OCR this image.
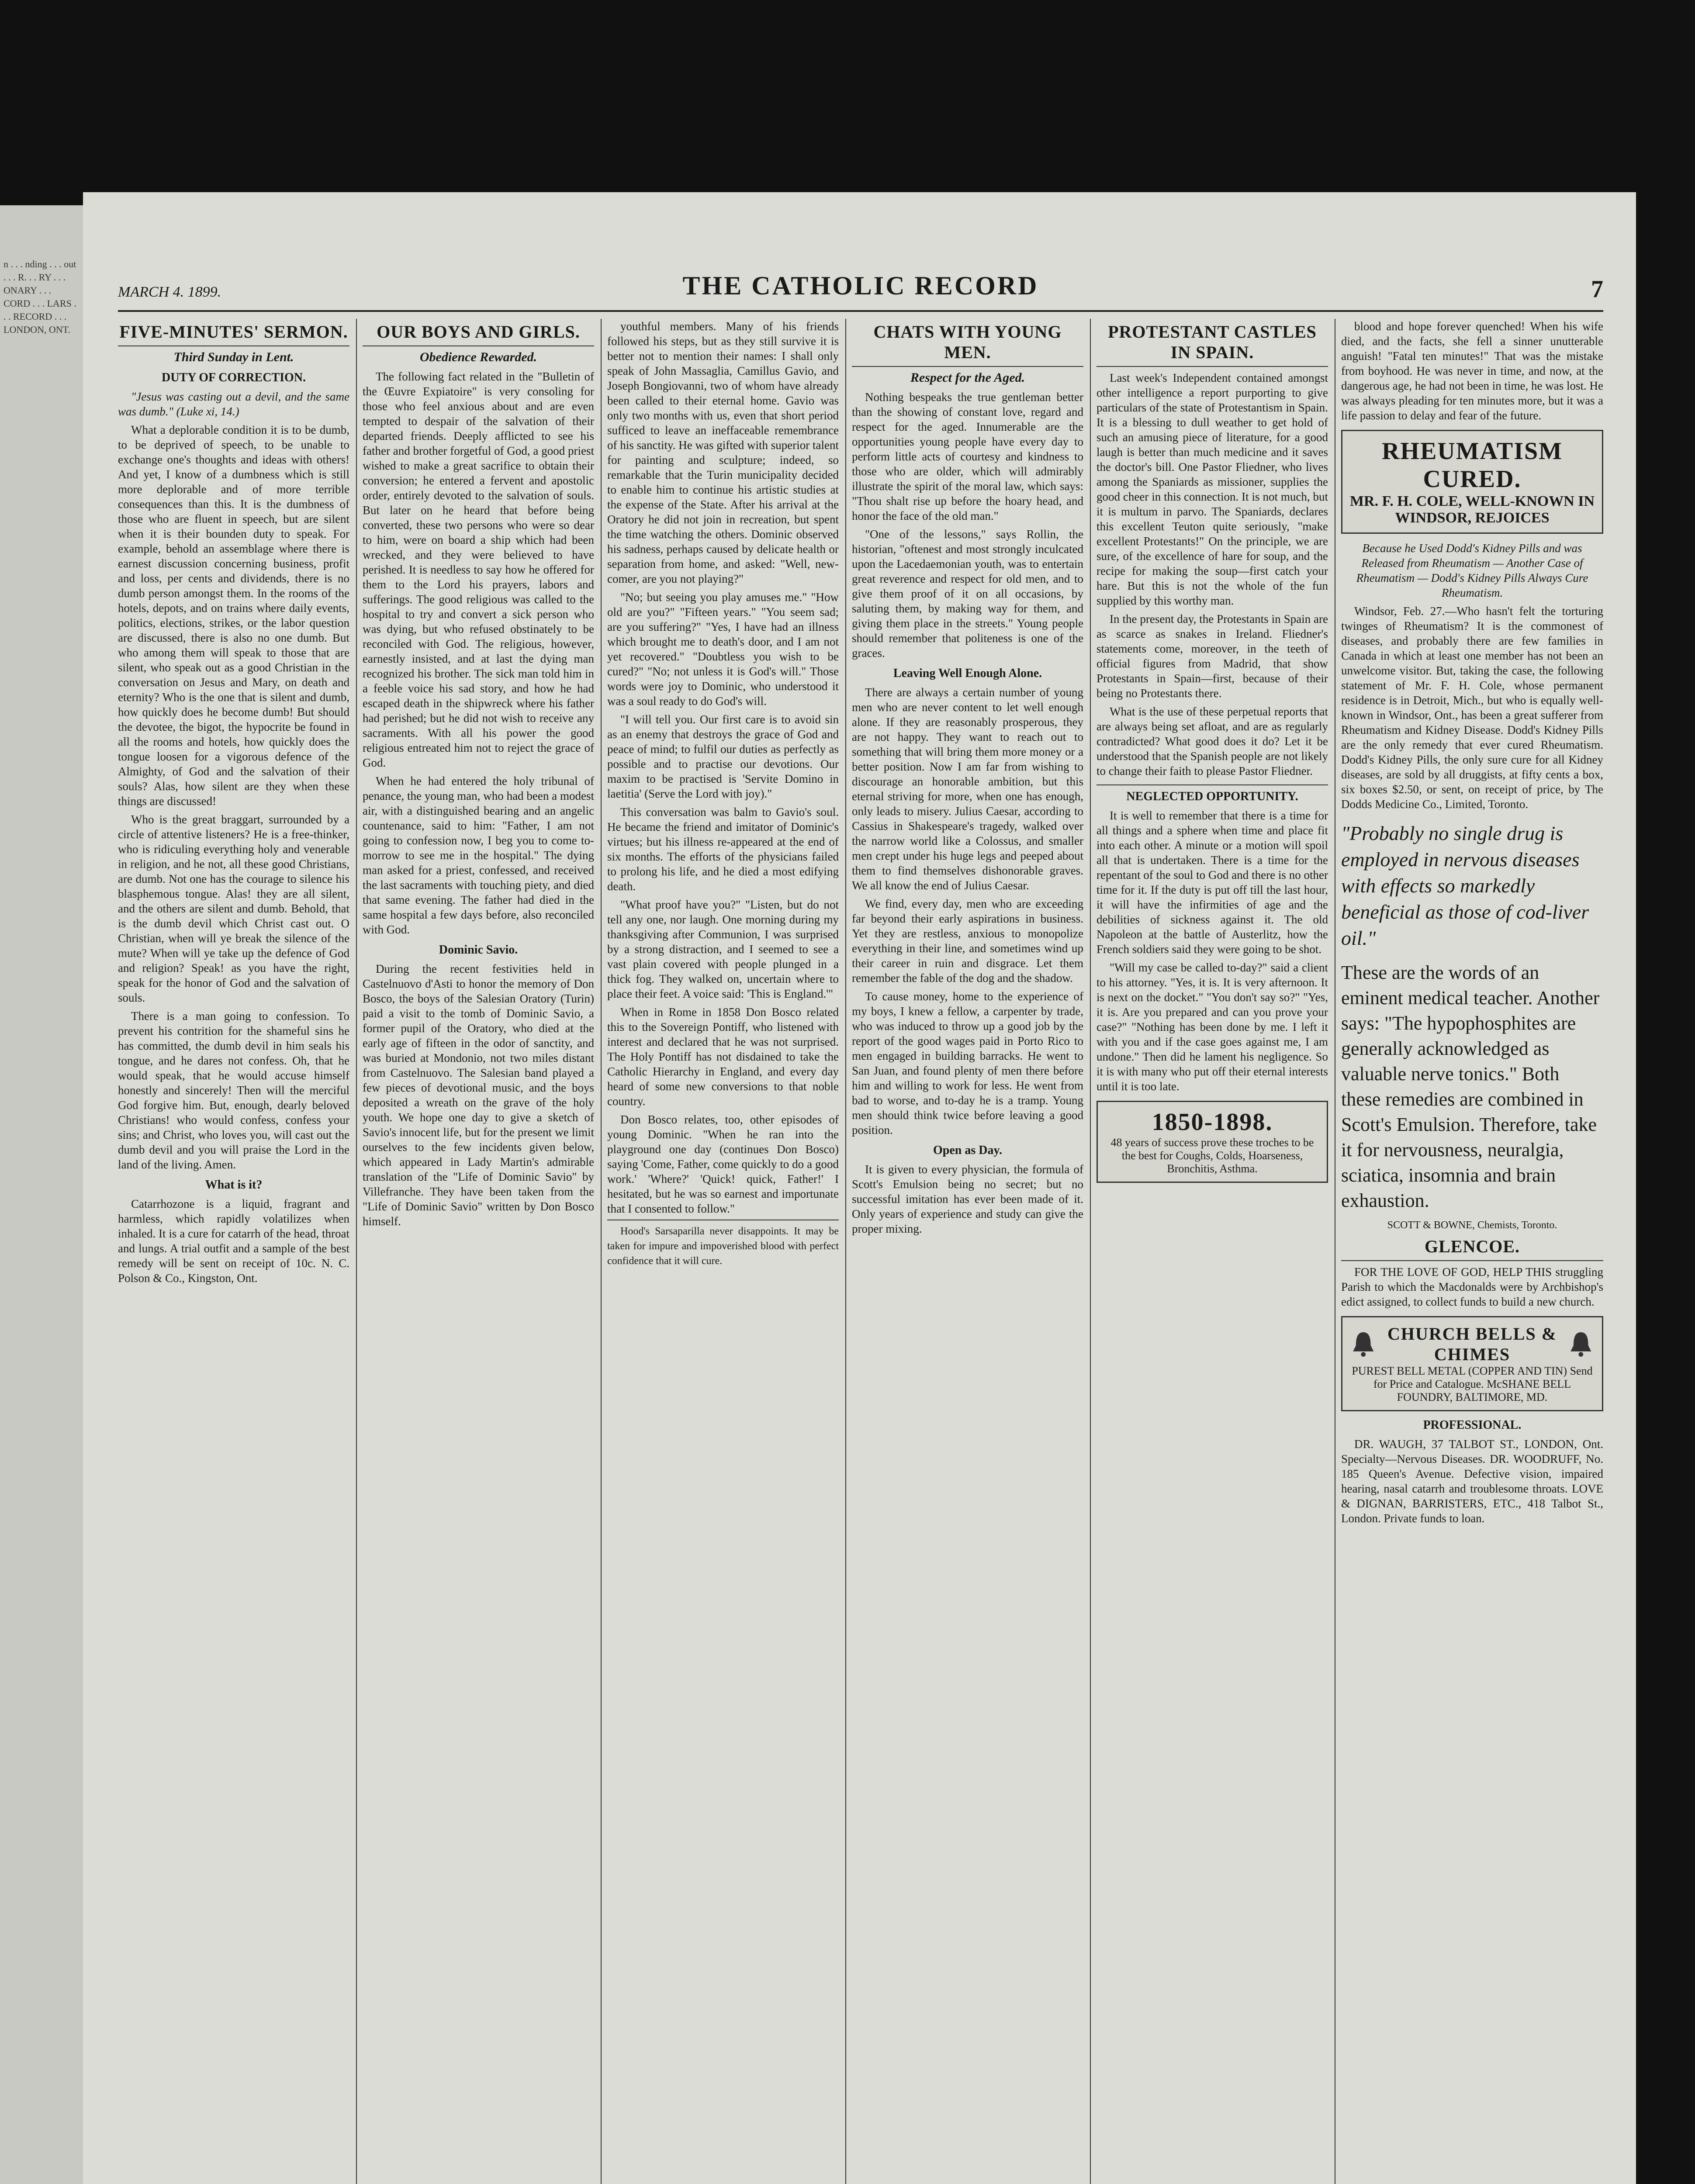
n . . . nding . . . out . . . R. . . RY . . . ONARY . . . CORD . . . LARS . . . RECORD . . . LONDON, ONT.
MARCH 4. 1899.	THE CATHOLIC RECORD	7
FIVE-MINUTES' SERMON.
Third Sunday in Lent.
DUTY OF CORRECTION.

"Jesus was casting out a devil, and the same was dumb." (Luke xi, 14.)

What a deplorable condition it is to be dumb, to be deprived of speech, to be unable to exchange one's thoughts and ideas with others! And yet, I know of a dumbness which is still more deplorable and of more terrible consequences than this. It is the dumbness of those who are fluent in speech, but are silent when it is their bounden duty to speak. For example, behold an assemblage where there is earnest discussion concerning business, profit and loss, per cents and dividends, there is no dumb person amongst them. In the rooms of the hotels, depots, and on trains where daily events, politics, elections, strikes, or the labor question are discussed, there is also no one dumb. But who among them will speak to those that are silent, who speak out as a good Christian in the conversation on Jesus and Mary, on death and eternity? Who is the one that is silent and dumb, how quickly does he become dumb! But should the devotee, the bigot, the hypocrite be found in all the rooms and hotels, how quickly does the tongue loosen for a vigorous defence of the Almighty, of God and the salvation of their souls? Alas, how silent are they when these things are discussed!

Who is the great braggart, surrounded by a circle of attentive listeners? He is a free-thinker, who is ridiculing everything holy and venerable in religion, and he not, all these good Christians, are dumb. Not one has the courage to silence his blasphemous tongue. Alas! they are all silent, and the others are silent and dumb. Behold, that is the dumb devil which Christ cast out. O Christian, when will ye break the silence of the mute? When will ye take up the defence of God and religion? Speak! as you have the right, speak for the honor of God and the salvation of souls.

There is a man going to confession. To prevent his contrition for the shameful sins he has committed, the dumb devil in him seals his tongue, and he dares not confess. Oh, that he would speak, that he would accuse himself honestly and sincerely! Then will the merciful God forgive him. But, enough, dearly beloved Christians! who would confess, confess your sins; and Christ, who loves you, will cast out the dumb devil and you will praise the Lord in the land of the living. Amen.

What is it?

Catarrhozone is a liquid, fragrant and harmless, which rapidly volatilizes when inhaled. It is a cure for catarrh of the head, throat and lungs. A trial outfit and a sample of the best remedy will be sent on receipt of 10c. N. C. Polson & Co., Kingston, Ont.

OUR BOYS AND GIRLS.
Obedience Rewarded.

The following fact related in the "Bulletin of the Œuvre Expiatoire" is very consoling for those who feel anxious about and are even tempted to despair of the salvation of their departed friends. Deeply afflicted to see his father and brother forgetful of God, a good priest wished to make a great sacrifice to obtain their conversion; he entered a fervent and apostolic order, entirely devoted to the salvation of souls. But later on he heard that before being converted, these two persons who were so dear to him, were on board a ship which had been wrecked, and they were believed to have perished. It is needless to say how he offered for them to the Lord his prayers, labors and sufferings. The good religious was called to the hospital to try and convert a sick person who was dying, but who refused obstinately to be reconciled with God. The religious, however, earnestly insisted, and at last the dying man recognized his brother. The sick man told him in a feeble voice his sad story, and how he had escaped death in the shipwreck where his father had perished; but he did not wish to receive any sacraments. With all his power the good religious entreated him not to reject the grace of God.

When he had entered the holy tribunal of penance, the young man, who had been a modest air, with a distinguished bearing and an angelic countenance, said to him: "Father, I am not going to confession now, I beg you to come to-morrow to see me in the hospital." The dying man asked for a priest, confessed, and received the last sacraments with touching piety, and died that same evening. The father had died in the same hospital a few days before, also reconciled with God.

Dominic Savio.

During the recent festivities held in Castelnuovo d'Asti to honor the memory of Don Bosco, the boys of the Salesian Oratory (Turin) paid a visit to the tomb of Dominic Savio, a former pupil of the Oratory, who died at the early age of fifteen in the odor of sanctity, and was buried at Mondonio, not two miles distant from Castelnuovo. The Salesian band played a few pieces of devotional music, and the boys deposited a wreath on the grave of the holy youth. We hope one day to give a sketch of Savio's innocent life, but for the present we limit ourselves to the few incidents given below, which appeared in Lady Martin's admirable translation of the "Life of Dominic Savio" by Villefranche. They have been taken from the "Life of Dominic Savio" written by Don Bosco himself.

youthful members. Many of his friends followed his steps, but as they still survive it is better not to mention their names: I shall only speak of John Massaglia, Camillus Gavio, and Joseph Bongiovanni, two of whom have already been called to their eternal home. Gavio was only two months with us, even that short period sufficed to leave an ineffaceable remembrance of his sanctity. He was gifted with superior talent for painting and sculpture; indeed, so remarkable that the Turin municipality decided to enable him to continue his artistic studies at the expense of the State. After his arrival at the Oratory he did not join in recreation, but spent the time watching the others. Dominic observed his sadness, perhaps caused by delicate health or separation from home, and asked: "Well, new-comer, are you not playing?"

"No; but seeing you play amuses me." "How old are you?" "Fifteen years." "You seem sad; are you suffering?" "Yes, I have had an illness which brought me to death's door, and I am not yet recovered." "Doubtless you wish to be cured?" "No; not unless it is God's will." Those words were joy to Dominic, who understood it was a soul ready to do God's will.

"I will tell you. Our first care is to avoid sin as an enemy that destroys the grace of God and peace of mind; to fulfil our duties as perfectly as possible and to practise our devotions. Our maxim to be practised is 'Servite Domino in laetitia' (Serve the Lord with joy)."

This conversation was balm to Gavio's soul. He became the friend and imitator of Dominic's virtues; but his illness re-appeared at the end of six months. The efforts of the physicians failed to prolong his life, and he died a most edifying death.

"What proof have you?" "Listen, but do not tell any one, nor laugh. One morning during my thanksgiving after Communion, I was surprised by a strong distraction, and I seemed to see a vast plain covered with people plunged in a thick fog. They walked on, uncertain where to place their feet. A voice said: 'This is England.'"

When in Rome in 1858 Don Bosco related this to the Sovereign Pontiff, who listened with interest and declared that he was not surprised. The Holy Pontiff has not disdained to take the Catholic Hierarchy in England, and every day heard of some new conversions to that noble country.

Don Bosco relates, too, other episodes of young Dominic. "When he ran into the playground one day (continues Don Bosco) saying 'Come, Father, come quickly to do a good work.' 'Where?' 'Quick! quick, Father!' I hesitated, but he was so earnest and importunate that I consented to follow."

Hood's Sarsaparilla never disappoints. It may be taken for impure and impoverished blood with perfect confidence that it will cure.

CHATS WITH YOUNG MEN.
Respect for the Aged.

Nothing bespeaks the true gentleman better than the showing of constant love, regard and respect for the aged. Innumerable are the opportunities young people have every day to perform little acts of courtesy and kindness to those who are older, which will admirably illustrate the spirit of the moral law, which says: "Thou shalt rise up before the hoary head, and honor the face of the old man."

"One of the lessons," says Rollin, the historian, "oftenest and most strongly inculcated upon the Lacedaemonian youth, was to entertain great reverence and respect for old men, and to give them proof of it on all occasions, by saluting them, by making way for them, and giving them place in the streets." Young people should remember that politeness is one of the graces.

Leaving Well Enough Alone.

There are always a certain number of young men who are never content to let well enough alone. If they are reasonably prosperous, they are not happy. They want to reach out to something that will bring them more money or a better position. Now I am far from wishing to discourage an honorable ambition, but this eternal striving for more, when one has enough, only leads to misery. Julius Caesar, according to Cassius in Shakespeare's tragedy, walked over the narrow world like a Colossus, and smaller men crept under his huge legs and peeped about them to find themselves dishonorable graves. We all know the end of Julius Caesar.

We find, every day, men who are exceeding far beyond their early aspirations in business. Yet they are restless, anxious to monopolize everything in their line, and sometimes wind up their career in ruin and disgrace. Let them remember the fable of the dog and the shadow.

To cause money, home to the experience of my boys, I knew a fellow, a carpenter by trade, who was induced to throw up a good job by the report of the good wages paid in Porto Rico to men engaged in building barracks. He went to San Juan, and found plenty of men there before him and willing to work for less. He went from bad to worse, and to-day he is a tramp. Young men should think twice before leaving a good position.

Open as Day.

It is given to every physician, the formula of Scott's Emulsion being no secret; but no successful imitation has ever been made of it. Only years of experience and study can give the proper mixing.

PROTESTANT CASTLES IN SPAIN.

Last week's Independent contained amongst other intelligence a report purporting to give particulars of the state of Protestantism in Spain. It is a blessing to dull weather to get hold of such an amusing piece of literature, for a good laugh is better than much medicine and it saves the doctor's bill. One Pastor Fliedner, who lives among the Spaniards as missioner, supplies the good cheer in this connection. It is not much, but it is multum in parvo. The Spaniards, declares this excellent Teuton quite seriously, "make excellent Protestants!" On the principle, we are sure, of the excellence of hare for soup, and the recipe for making the soup—first catch your hare. But this is not the whole of the fun supplied by this worthy man.

In the present day, the Protestants in Spain are as scarce as snakes in Ireland. Fliedner's statements come, moreover, in the teeth of official figures from Madrid, that show Protestants in Spain—first, because of their being no Protestants there.

What is the use of these perpetual reports that are always being set afloat, and are as regularly contradicted? What good does it do? Let it be understood that the Spanish people are not likely to change their faith to please Pastor Fliedner.

NEGLECTED OPPORTUNITY.

It is well to remember that there is a time for all things and a sphere when time and place fit into each other. A minute or a motion will spoil all that is undertaken. There is a time for the repentant of the soul to God and there is no other time for it. If the duty is put off till the last hour, it will have the infirmities of age and the debilities of sickness against it. The old Napoleon at the battle of Austerlitz, how the French soldiers said they were going to be shot.

"Will my case be called to-day?" said a client to his attorney. "Yes, it is. It is very afternoon. It is next on the docket." "You don't say so?" "Yes, it is. Are you prepared and can you prove your case?" "Nothing has been done by me. I left it with you and if the case goes against me, I am undone." Then did he lament his negligence. So it is with many who put off their eternal interests until it is too late.

1850-1898.
48 years of success prove these troches to be the best for Coughs, Colds, Hoarseness, Bronchitis, Asthma.

blood and hope forever quenched! When his wife died, and the facts, she fell a sinner unutterable anguish! "Fatal ten minutes!" That was the mistake from boyhood. He was never in time, and now, at the dangerous age, he had not been in time, he was lost. He was always pleading for ten minutes more, but it was a life passion to delay and fear of the future.

RHEUMATISM CURED.
MR. F. H. COLE, WELL-KNOWN IN WINDSOR, REJOICES

Because he Used Dodd's Kidney Pills and was Released from Rheumatism — Another Case of Rheumatism — Dodd's Kidney Pills Always Cure Rheumatism.

Windsor, Feb. 27.—Who hasn't felt the torturing twinges of Rheumatism? It is the commonest of diseases, and probably there are few families in Canada in which at least one member has not been an unwelcome visitor. But, taking the case, the following statement of Mr. F. H. Cole, whose permanent residence is in Detroit, Mich., but who is equally well-known in Windsor, Ont., has been a great sufferer from Rheumatism and Kidney Disease. Dodd's Kidney Pills are the only remedy that ever cured Rheumatism. Dodd's Kidney Pills, the only sure cure for all Kidney diseases, are sold by all druggists, at fifty cents a box, six boxes $2.50, or sent, on receipt of price, by The Dodds Medicine Co., Limited, Toronto.

"Probably no single drug is employed in nervous diseases with effects so markedly beneficial as those of cod-liver oil."
These are the words of an eminent medical teacher. Another says: "The hypophosphites are generally acknowledged as valuable nerve tonics." Both these remedies are combined in Scott's Emulsion. Therefore, take it for nervousness, neuralgia, sciatica, insomnia and brain exhaustion.

SCOTT & BOWNE, Chemists, Toronto.

GLENCOE.

FOR THE LOVE OF GOD, HELP THIS struggling Parish to which the Macdonalds were by Archbishop's edict assigned, to collect funds to build a new church.

CHURCH BELLS & CHIMES
PUREST BELL METAL (COPPER AND TIN) Send for Price and Catalogue. McSHANE BELL FOUNDRY, BALTIMORE, MD.
PROFESSIONAL.

DR. WAUGH, 37 TALBOT ST., LONDON, Ont. Specialty—Nervous Diseases. DR. WOODRUFF, No. 185 Queen's Avenue. Defective vision, impaired hearing, nasal catarrh and troublesome throats. LOVE & DIGNAN, BARRISTERS, ETC., 418 Talbot St., London. Private funds to loan.
